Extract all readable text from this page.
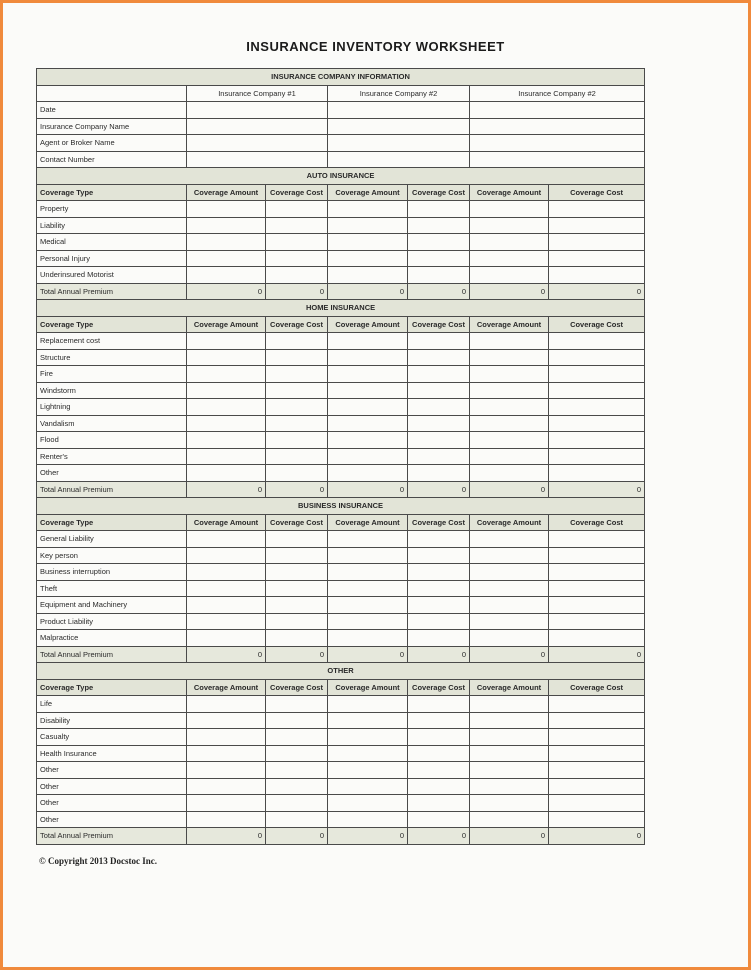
INSURANCE INVENTORY WORKSHEET
INSURANCE COMPANY INFORMATION						
	Insurance Company #1		Insurance Company #2		Insurance Company #2	
Date						
Insurance Company Name						
Agent or Broker Name						
Contact Number						
AUTO INSURANCE						
Coverage Type	Coverage Amount	Coverage Cost	Coverage Amount	Coverage Cost	Coverage Amount	Coverage Cost
Property						
Liability						
Medical						
Personal Injury						
Underinsured Motorist						
Total Annual Premium	0	0	0	0	0	0
HOME INSURANCE						
Coverage Type	Coverage Amount	Coverage Cost	Coverage Amount	Coverage Cost	Coverage Amount	Coverage Cost
Replacement cost						
Structure						
Fire						
Windstorm						
Lightning						
Vandalism						
Flood						
Renter's						
Other						
Total Annual Premium	0	0	0	0	0	0
BUSINESS INSURANCE						
Coverage Type	Coverage Amount	Coverage Cost	Coverage Amount	Coverage Cost	Coverage Amount	Coverage Cost
General Liability						
Key person						
Business interruption						
Theft						
Equipment and Machinery						
Product Liability						
Malpractice						
Total Annual Premium	0	0	0	0	0	0
OTHER						
Coverage Type	Coverage Amount	Coverage Cost	Coverage Amount	Coverage Cost	Coverage Amount	Coverage Cost
Life						
Disability						
Casualty						
Health Insurance						
Other						
Other						
Other						
Other						
Total Annual Premium	0	0	0	0	0	0
© Copyright 2013 Docstoc Inc.
